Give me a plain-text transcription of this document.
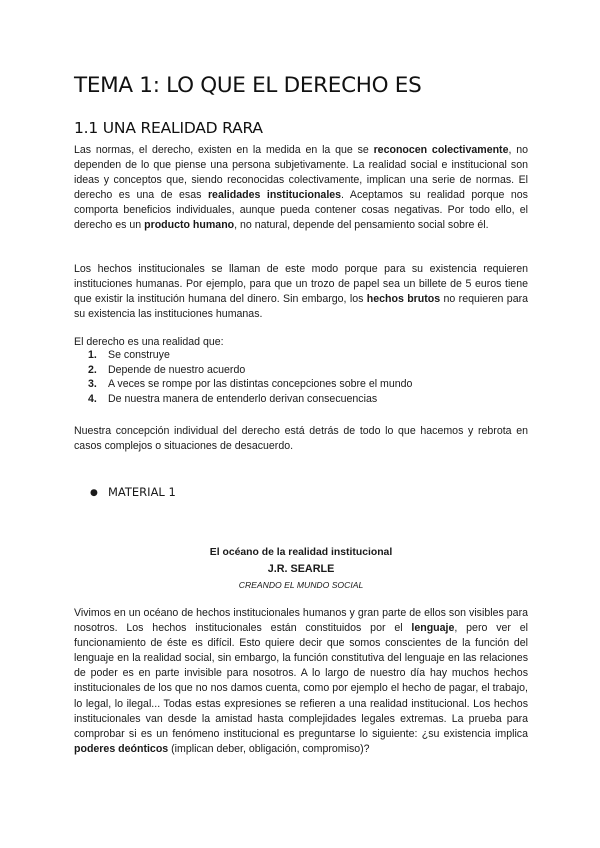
TEMA 1: LO QUE EL DERECHO ES
1.1 UNA REALIDAD RARA

Las normas, el derecho, existen en la medida en la que se reconocen colectivamente, no dependen de lo que piense una persona subjetivamente. La realidad social e institucional son ideas y conceptos que, siendo reconocidas colectivamente, implican una serie de normas. El derecho es una de esas realidades institucionales. Aceptamos su realidad porque nos comporta beneficios individuales, aunque pueda contener cosas negativas. Por todo ello, el derecho es un producto humano, no natural, depende del pensamiento social sobre él.

Los hechos institucionales se llaman de este modo porque para su existencia requieren instituciones humanas. Por ejemplo, para que un trozo de papel sea un billete de 5 euros tiene que existir la institución humana del dinero. Sin embargo, los hechos brutos no requieren para su existencia las instituciones humanas.

El derecho es una realidad que:

1. Se construye
2. Depende de nuestro acuerdo
3. A veces se rompe por las distintas concepciones sobre el mundo
4. De nuestra manera de entenderlo derivan consecuencias

Nuestra concepción individual del derecho está detrás de todo lo que hacemos y rebrota en casos complejos o situaciones de desacuerdo.

● MATERIAL 1
El océano de la realidad institucional
J.R. SEARLE
CREANDO EL MUNDO SOCIAL

Vivimos en un océano de hechos institucionales humanos y gran parte de ellos son visibles para nosotros. Los hechos institucionales están constituidos por el lenguaje, pero ver el funcionamiento de éste es difícil. Esto quiere decir que somos conscientes de la función del lenguaje en la realidad social, sin embargo, la función constitutiva del lenguaje en las relaciones de poder es en parte invisible para nosotros. A lo largo de nuestro día hay muchos hechos institucionales de los que no nos damos cuenta, como por ejemplo el hecho de pagar, el trabajo, lo legal, lo ilegal... Todas estas expresiones se refieren a una realidad institucional. Los hechos institucionales van desde la amistad hasta complejidades legales extremas. La prueba para comprobar si es un fenómeno institucional es preguntarse lo siguiente: ¿su existencia implica poderes deónticos (implican deber, obligación, compromiso)?
